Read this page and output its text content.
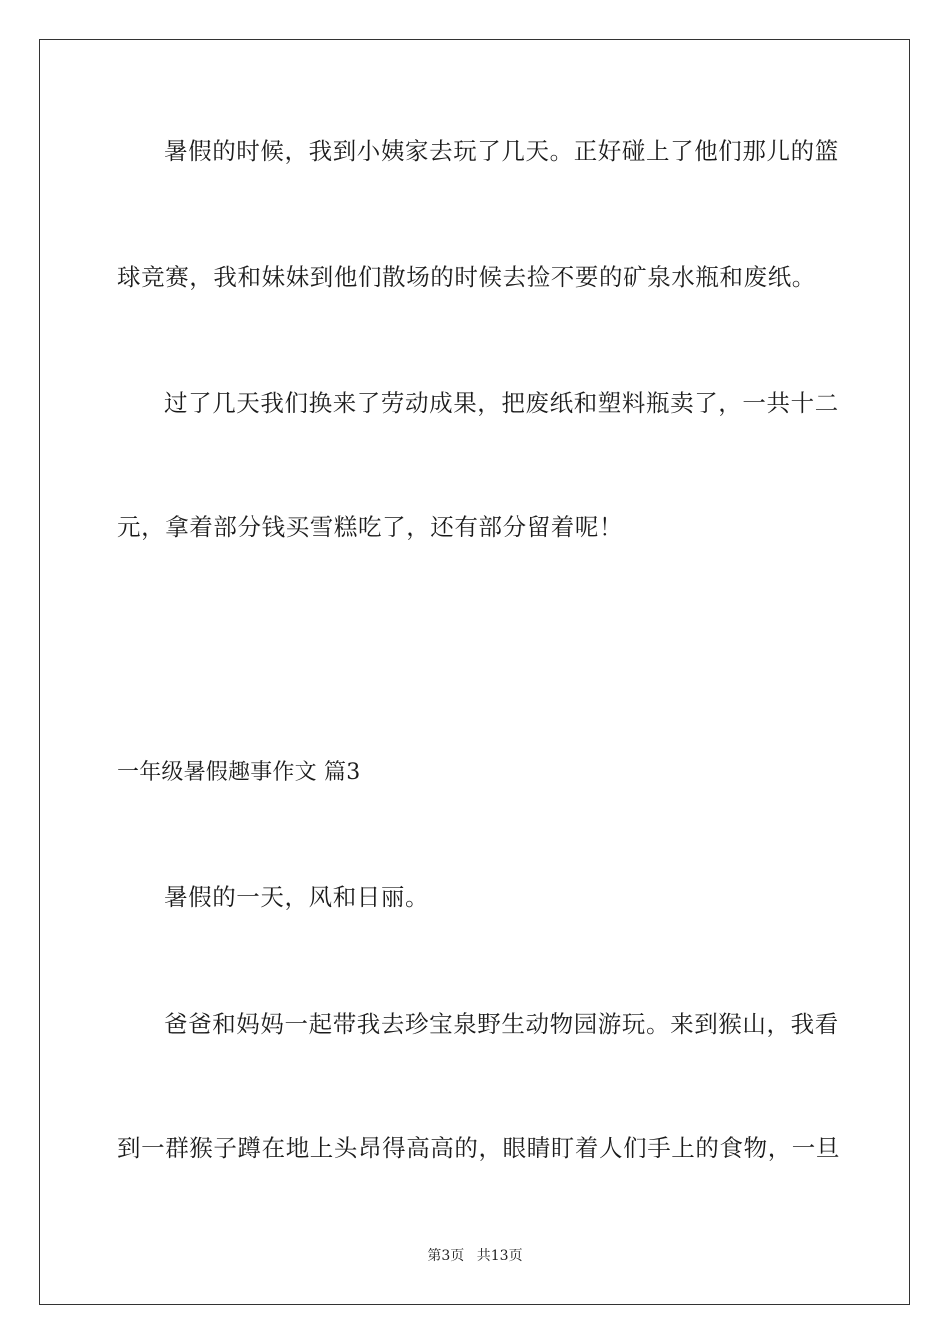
暑假的时候，我到小姨家去玩了几天。正好碰上了他们那儿的篮
球竞赛，我和妹妹到他们散场的时候去捡不要的矿泉水瓶和废纸。
过了几天我们换来了劳动成果，把废纸和塑料瓶卖了，一共十二
元，拿着部分钱买雪糕吃了，还有部分留着呢！
一年级暑假趣事作文 篇3
暑假的一天，风和日丽。
爸爸和妈妈一起带我去珍宝泉野生动物园游玩。来到猴山，我看
到一群猴子蹲在地上头昂得高高的，眼睛盯着人们手上的食物，一旦
第3页 共13页
